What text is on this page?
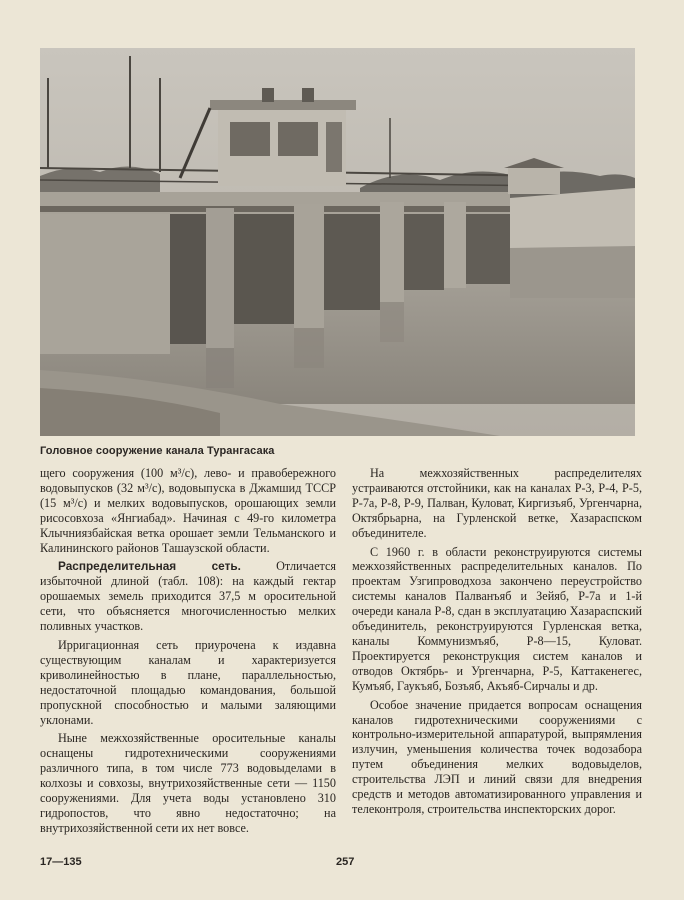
Головное сооружение канала Турангасака

щего сооружения (100 м³/с), лево- и правобережного водовыпусков (32 м³/с), водовыпуска в Джамшид ТССР (15 м³/с) и мелких водовыпусков, орошающих земли рисосовхоза «Янгиабад». Начиная с 49-го километра Клычниязбайская ветка орошает земли Тельманского и Калининского районов Ташаузской области.

Распределительная сеть. Отличается избыточной длиной (табл. 108): на каждый гектар орошаемых земель приходится 37,5 м оросительной сети, что объясняется многочисленностью мелких поливных участков.

Ирригационная сеть приурочена к издавна существующим каналам и характеризуется криволинейностью в плане, параллельностью, недостаточной площадью командования, большой пропускной способностью и малыми заляющими уклонами.

Ныне межхозяйственные оросительные каналы оснащены гидротехническими сооружениями различного типа, в том числе 773 водовыделами в колхозы и совхозы, внутрихозяйственные сети — 1150 сооружениями. Для учета воды установлено 310 гидропостов, что явно недостаточно; на внутрихозяйственной сети их нет вовсе.

На межхозяйственных распределителях устраиваются отстойники, как на каналах Р-3, Р-4, Р-5, Р-7а, Р-8, Р-9, Палван, Куловат, Киргизъяб, Ургенчарна, Октябрьарна, на Гурленской ветке, Хазараспском объединителе.

С 1960 г. в области реконструируются системы межхозяйственных распределительных каналов. По проектам Узгипроводхоза закончено переустройство системы каналов Палванъяб и Зейяб, Р-7а и 1-й очереди канала Р-8, сдан в эксплуатацию Хазараспский объединитель, реконструируются Гурленская ветка, каналы Коммунизмъяб, Р-8—15, Куловат. Проектируется реконструкция систем каналов и отводов Октябрь- и Ургенчарна, Р-5, Каттакенегес, Кумъяб, Гаукъяб, Бозъяб, Акъяб-Сирчалы и др.

Особое значение придается вопросам оснащения каналов гидротехническими сооружениями с контрольно-измерительной аппаратурой, выпрямления излучин, уменьшения количества точек водозабора путем объединения мелких водовыделов, строительства ЛЭП и линий связи для внедрения средств и методов автоматизированного управления и телеконтроля, строительства инспекторских дорог.

17—135	257
